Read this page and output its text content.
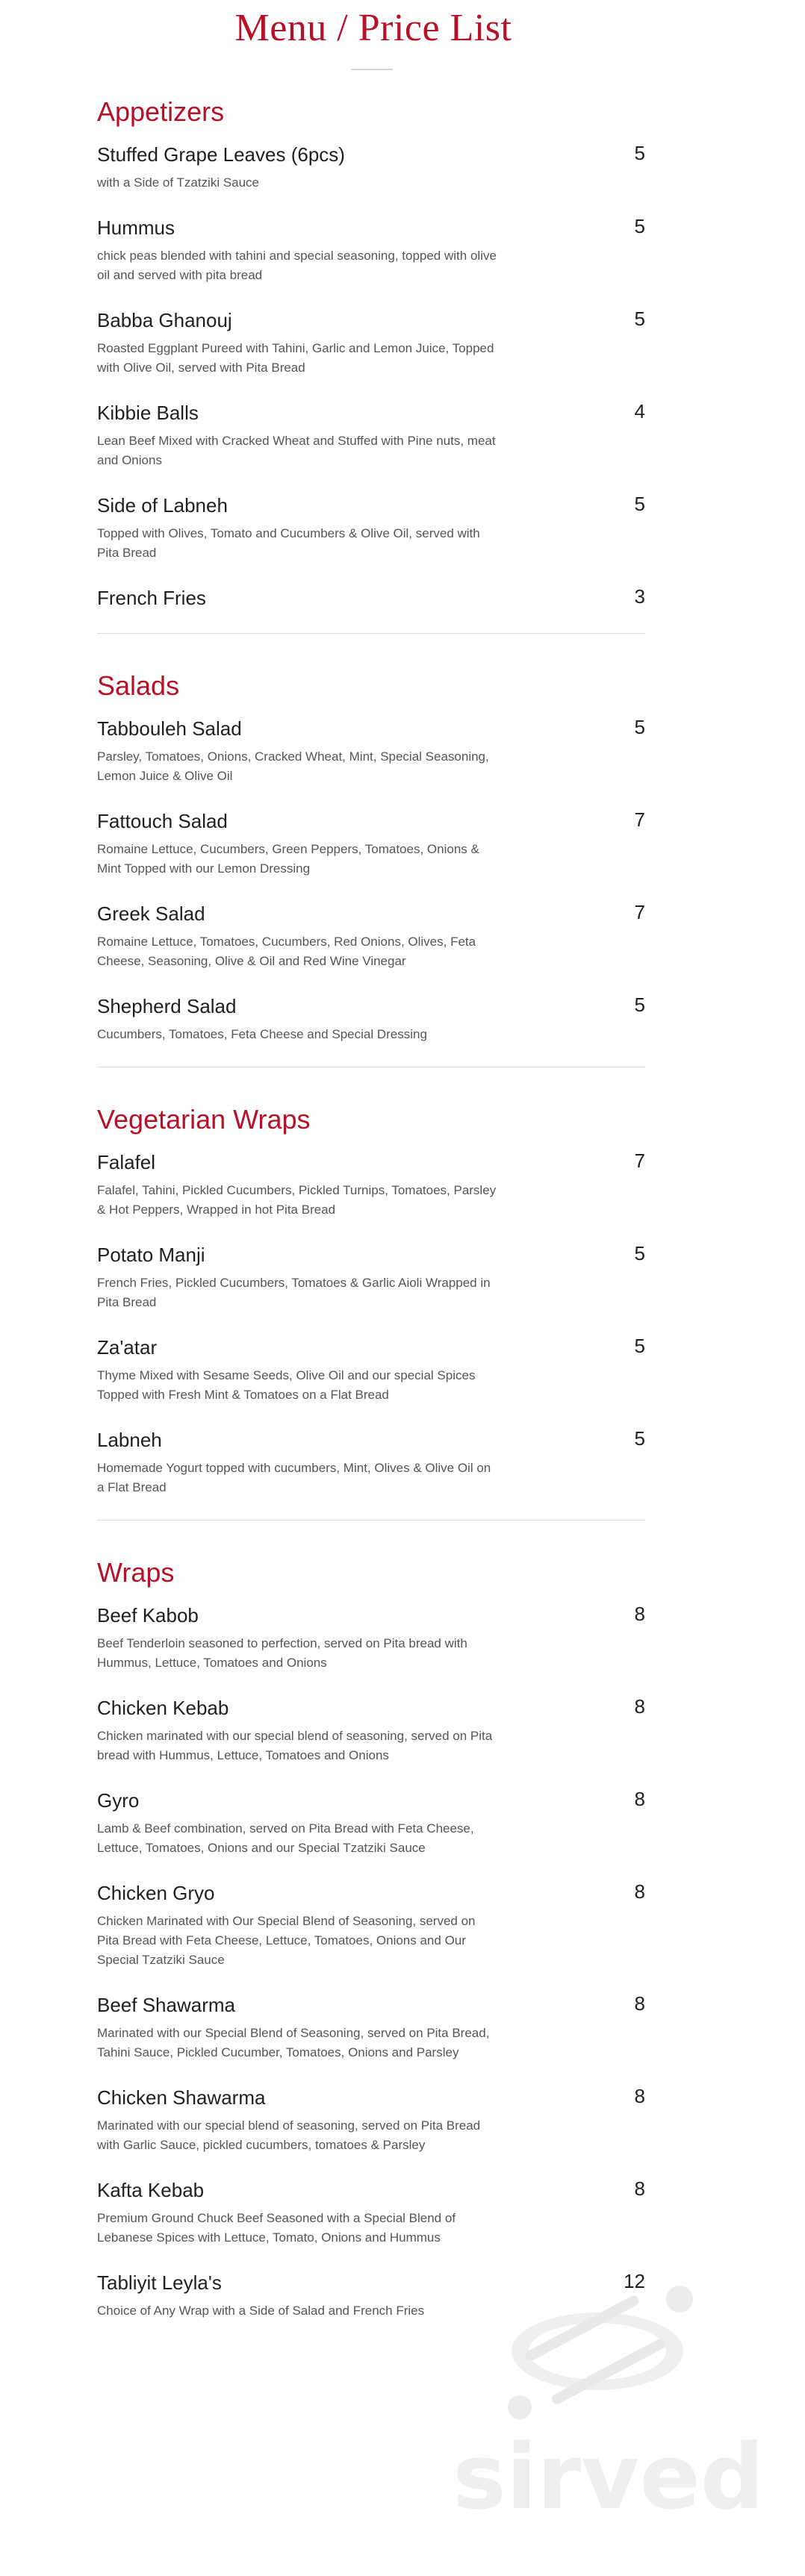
Menu / Price List
Appetizers
Stuffed Grape Leaves (6pcs)	5
with a Side of Tzatziki Sauce
Hummus	5
chick peas blended with tahini and special seasoning, topped with olive oil and served with pita bread
Babba Ghanouj	5
Roasted Eggplant Pureed with Tahini, Garlic and Lemon Juice, Topped with Olive Oil, served with Pita Bread
Kibbie Balls	4
Lean Beef Mixed with Cracked Wheat and Stuffed with Pine nuts, meat and Onions
Side of Labneh	5
Topped with Olives, Tomato and Cucumbers & Olive Oil, served with Pita Bread
French Fries	3
Salads
Tabbouleh Salad	5
Parsley, Tomatoes, Onions, Cracked Wheat, Mint, Special Seasoning, Lemon Juice & Olive Oil
Fattouch Salad	7
Romaine Lettuce, Cucumbers, Green Peppers, Tomatoes, Onions & Mint Topped with our Lemon Dressing
Greek Salad	7
Romaine Lettuce, Tomatoes, Cucumbers, Red Onions, Olives, Feta Cheese, Seasoning, Olive & Oil and Red Wine Vinegar
Shepherd Salad	5
Cucumbers, Tomatoes, Feta Cheese and Special Dressing
Vegetarian Wraps
Falafel	7
Falafel, Tahini, Pickled Cucumbers, Pickled Turnips, Tomatoes, Parsley & Hot Peppers, Wrapped in hot Pita Bread
Potato Manji	5
French Fries, Pickled Cucumbers, Tomatoes & Garlic Aioli Wrapped in Pita Bread
Za'atar	5
Thyme Mixed with Sesame Seeds, Olive Oil and our special Spices Topped with Fresh Mint & Tomatoes on a Flat Bread
Labneh	5
Homemade Yogurt topped with cucumbers, Mint, Olives & Olive Oil on a Flat Bread
Wraps
Beef Kabob	8
Beef Tenderloin seasoned to perfection, served on Pita bread with Hummus, Lettuce, Tomatoes and Onions
Chicken Kebab	8
Chicken marinated with our special blend of seasoning, served on Pita bread with Hummus, Lettuce, Tomatoes and Onions
Gyro	8
Lamb & Beef combination, served on Pita Bread with Feta Cheese, Lettuce, Tomatoes, Onions and our Special Tzatziki Sauce
Chicken Gryo	8
Chicken Marinated with Our Special Blend of Seasoning, served on Pita Bread with Feta Cheese, Lettuce, Tomatoes, Onions and Our Special Tzatziki Sauce
Beef Shawarma	8
Marinated with our Special Blend of Seasoning, served on Pita Bread, Tahini Sauce, Pickled Cucumber, Tomatoes, Onions and Parsley
Chicken Shawarma	8
Marinated with our special blend of seasoning, served on Pita Bread with Garlic Sauce, pickled cucumbers, tomatoes & Parsley
Kafta Kebab	8
Premium Ground Chuck Beef Seasoned with a Special Blend of Lebanese Spices with Lettuce, Tomato, Onions and Hummus
Tabliyit Leyla's	12
Choice of Any Wrap with a Side of Salad and French Fries
sirved
